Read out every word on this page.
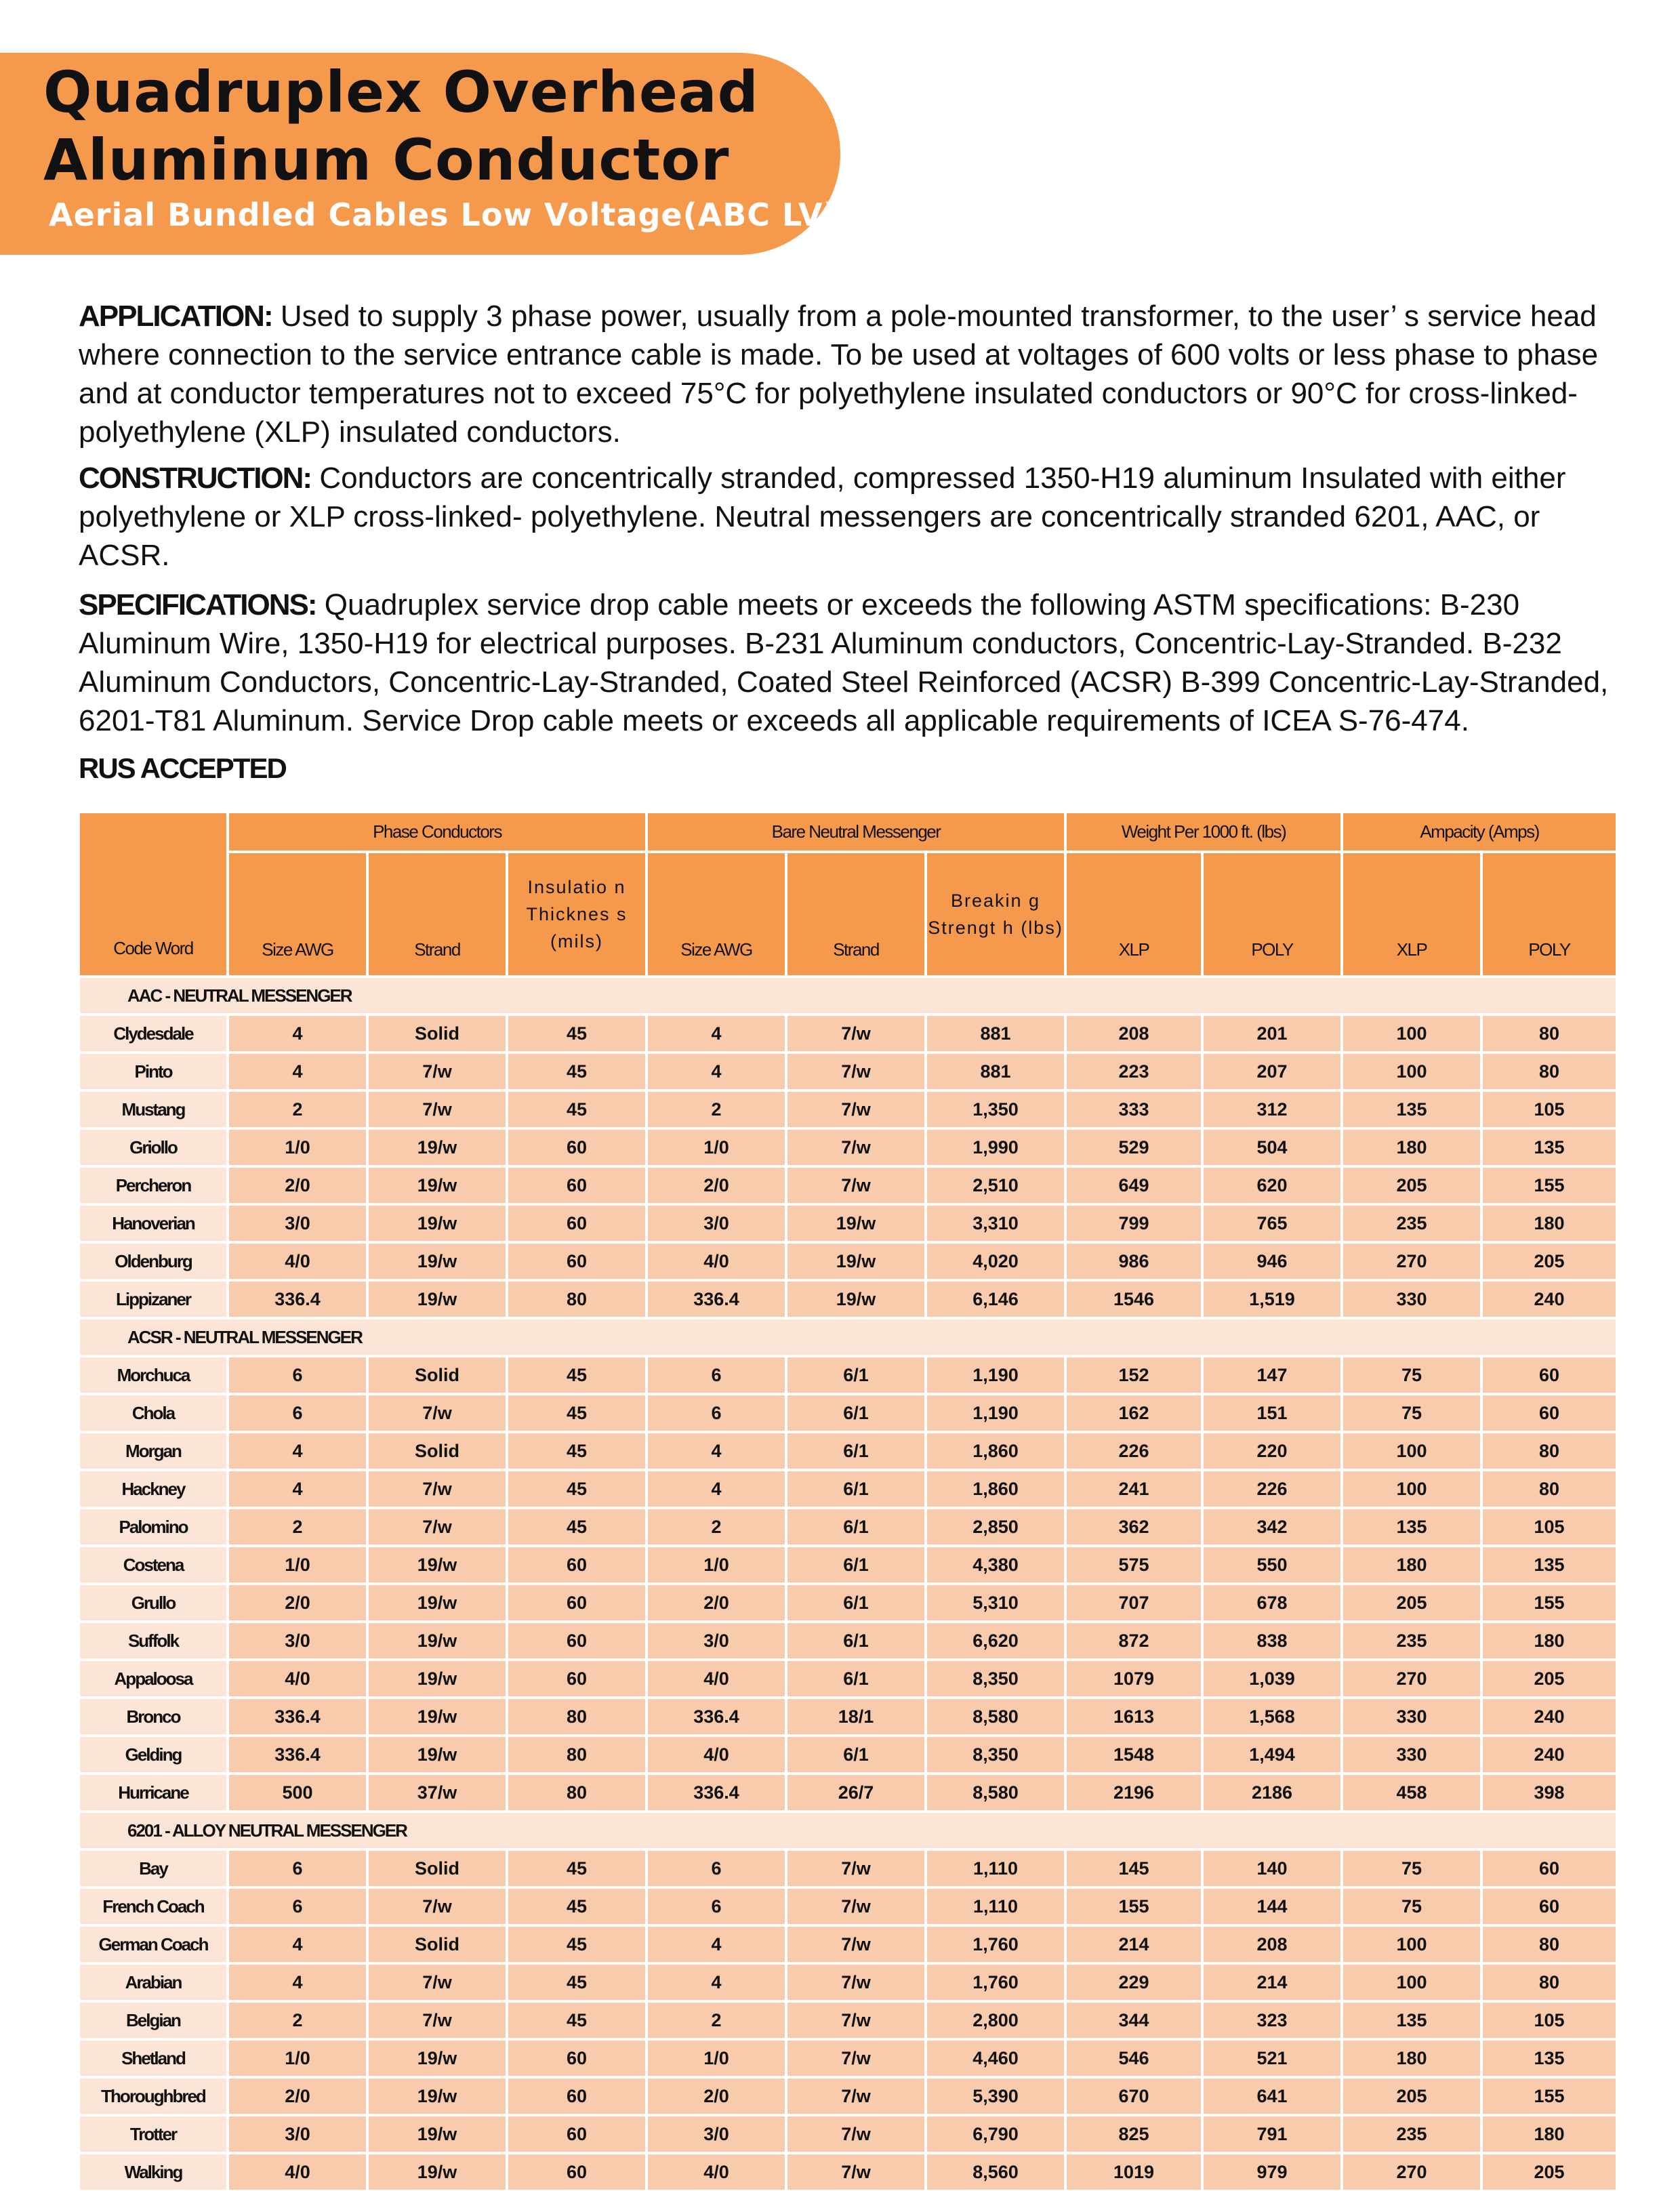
Quadruplex Overhead
Aluminum Conductor

Aerial Bundled Cables Low Voltage(ABC LV)

APPLICATION: Used to supply 3 phase power, usually from a pole-mounted transformer, to the user’ s service head where connection to the service entrance cable is made. To be used at voltages of 600 volts or less phase to phase and at conductor temperatures not to exceed 75°C for polyethylene insulated conductors or 90°C for cross-linked-polyethylene (XLP) insulated conductors.

CONSTRUCTION: Conductors are concentrically stranded, compressed 1350-H19 aluminum Insulated with either polyethylene or XLP cross-linked- polyethylene. Neutral messengers are concentrically stranded 6201, AAC, or ACSR.

SPECIFICATIONS: Quadruplex service drop cable meets or exceeds the following ASTM specifications: B-230 Aluminum Wire, 1350-H19 for electrical purposes. B-231 Aluminum conductors, Concentric-Lay-Stranded. B-232 Aluminum Conductors, Concentric-Lay-Stranded, Coated Steel Reinforced (ACSR) B-399 Concentric-Lay-Stranded, 6201-T81 Aluminum. Service Drop cable meets or exceeds all applicable requirements of ICEA S-76-474.

RUS ACCEPTED

Code Word	Phase Conductors			Bare Neutral Messenger			Weight Per 1000 ft. (lbs)		Ampacity (Amps)	
	Size AWG	Strand	Insulatio n Thicknes s (mils)	Size AWG	Strand	Breakin g Strengt h (lbs)	XLP	POLY	XLP	POLY
AAC - NEUTRAL MESSENGER										
Clydesdale	4	Solid	45	4	7/w	881	208	201	100	80
Pinto	4	7/w	45	4	7/w	881	223	207	100	80
Mustang	2	7/w	45	2	7/w	1,350	333	312	135	105
Griollo	1/0	19/w	60	1/0	7/w	1,990	529	504	180	135
Percheron	2/0	19/w	60	2/0	7/w	2,510	649	620	205	155
Hanoverian	3/0	19/w	60	3/0	19/w	3,310	799	765	235	180
Oldenburg	4/0	19/w	60	4/0	19/w	4,020	986	946	270	205
Lippizaner	336.4	19/w	80	336.4	19/w	6,146	1546	1,519	330	240
ACSR - NEUTRAL MESSENGER										
Morchuca	6	Solid	45	6	6/1	1,190	152	147	75	60
Chola	6	7/w	45	6	6/1	1,190	162	151	75	60
Morgan	4	Solid	45	4	6/1	1,860	226	220	100	80
Hackney	4	7/w	45	4	6/1	1,860	241	226	100	80
Palomino	2	7/w	45	2	6/1	2,850	362	342	135	105
Costena	1/0	19/w	60	1/0	6/1	4,380	575	550	180	135
Grullo	2/0	19/w	60	2/0	6/1	5,310	707	678	205	155
Suffolk	3/0	19/w	60	3/0	6/1	6,620	872	838	235	180
Appaloosa	4/0	19/w	60	4/0	6/1	8,350	1079	1,039	270	205
Bronco	336.4	19/w	80	336.4	18/1	8,580	1613	1,568	330	240
Gelding	336.4	19/w	80	4/0	6/1	8,350	1548	1,494	330	240
Hurricane	500	37/w	80	336.4	26/7	8,580	2196	2186	458	398
6201 - ALLOY NEUTRAL MESSENGER										
Bay	6	Solid	45	6	7/w	1,110	145	140	75	60
French Coach	6	7/w	45	6	7/w	1,110	155	144	75	60
German Coach	4	Solid	45	4	7/w	1,760	214	208	100	80
Arabian	4	7/w	45	4	7/w	1,760	229	214	100	80
Belgian	2	7/w	45	2	7/w	2,800	344	323	135	105
Shetland	1/0	19/w	60	1/0	7/w	4,460	546	521	180	135
Thoroughbred	2/0	19/w	60	2/0	7/w	5,390	670	641	205	155
Trotter	3/0	19/w	60	3/0	7/w	6,790	825	791	235	180
Walking	4/0	19/w	60	4/0	7/w	8,560	1019	979	270	205
